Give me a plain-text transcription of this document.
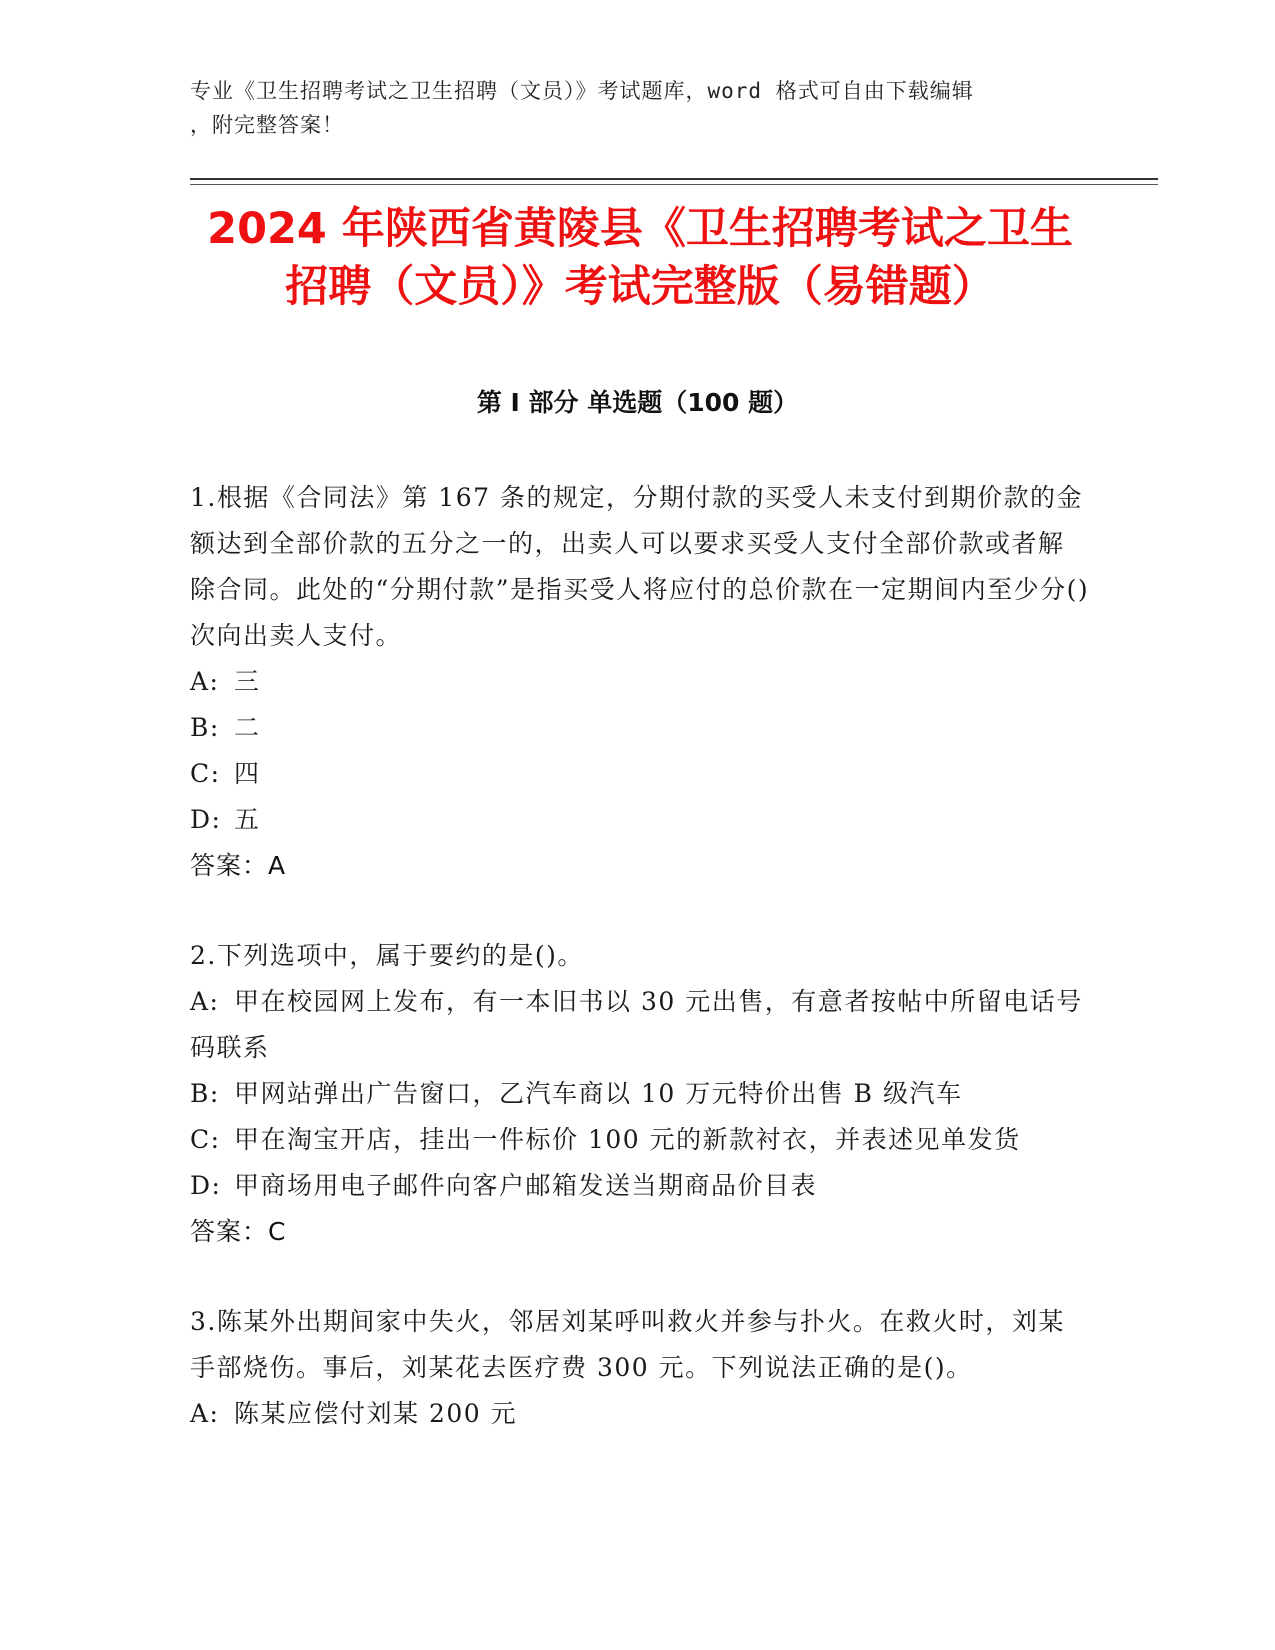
专业《卫生招聘考试之卫生招聘（文员）》考试题库，word 格式可自由下载编辑
，附完整答案！
2024 年陕西省黄陵县《卫生招聘考试之卫生
招聘（文员）》考试完整版（易错题）
第 I 部分 单选题（100 题）
1.根据《合同法》第 167 条的规定，分期付款的买受人未支付到期价款的金额达到全部价款的五分之一的，出卖人可以要求买受人支付全部价款或者解除合同。此处的“分期付款”是指买受人将应付的总价款在一定期间内至少分()次向出卖人支付。
A: 三
B: 二
C: 四
D: 五
答案：A
2.下列选项中，属于要约的是()。
A: 甲在校园网上发布，有一本旧书以 30 元出售，有意者按帖中所留电话号码联系
B: 甲网站弹出广告窗口，乙汽车商以 10 万元特价出售 B 级汽车
C: 甲在淘宝开店，挂出一件标价 100 元的新款衬衣，并表述见单发货
D: 甲商场用电子邮件向客户邮箱发送当期商品价目表
答案：C
3.陈某外出期间家中失火，邻居刘某呼叫救火并参与扑火。在救火时，刘某手部烧伤。事后，刘某花去医疗费 300 元。下列说法正确的是()。
A: 陈某应偿付刘某 200 元
